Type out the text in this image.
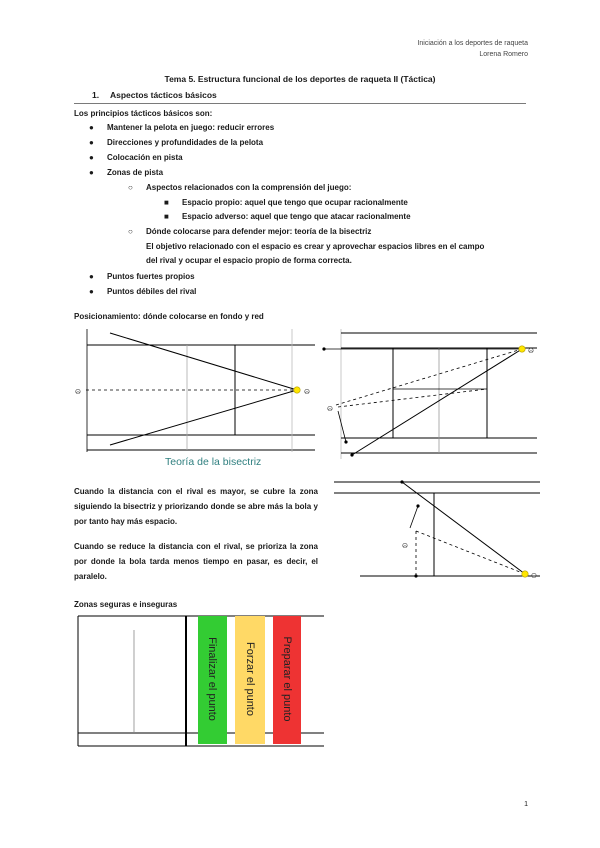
Iniciación a los deportes de raqueta
Lorena Romero
Tema 5. Estructura funcional de los deportes de raqueta II (Táctica)
1. Aspectos tácticos básicos
Los principios tácticos básicos son:
● Mantener la pelota en juego: reducir errores
● Direcciones y profundidades de la pelota
● Colocación en pista
● Zonas de pista
○ Aspectos relacionados con la comprensión del juego:
■ Espacio propio: aquel que tengo que ocupar racionalmente
■ Espacio adverso: aquel que tengo que atacar racionalmente
○ Dónde colocarse para defender mejor: teoría de la bisectriz
El objetivo relacionado con el espacio es crear y aprovechar espacios libres en el campo
del rival y ocupar el espacio propio de forma correcta.
● Puntos fuertes propios
● Puntos débiles del rival
Posicionamiento: dónde colocarse en fondo y red
ဓ	ဓ
Teoría de la bisectriz
ဓ
ဓ
ဓ
ဓ
Cuando la distancia con el rival es mayor, se cubre la zona siguiendo la bisectriz y priorizando donde se abre más la bola y por tanto hay más espacio.
Cuando se reduce la distancia con el rival, se prioriza la zona por donde la bola tarda menos tiempo en pasar, es decir, el paralelo.
Zonas seguras e inseguras
Finalizar el punto Forzar el punto Preparar el punto
1
